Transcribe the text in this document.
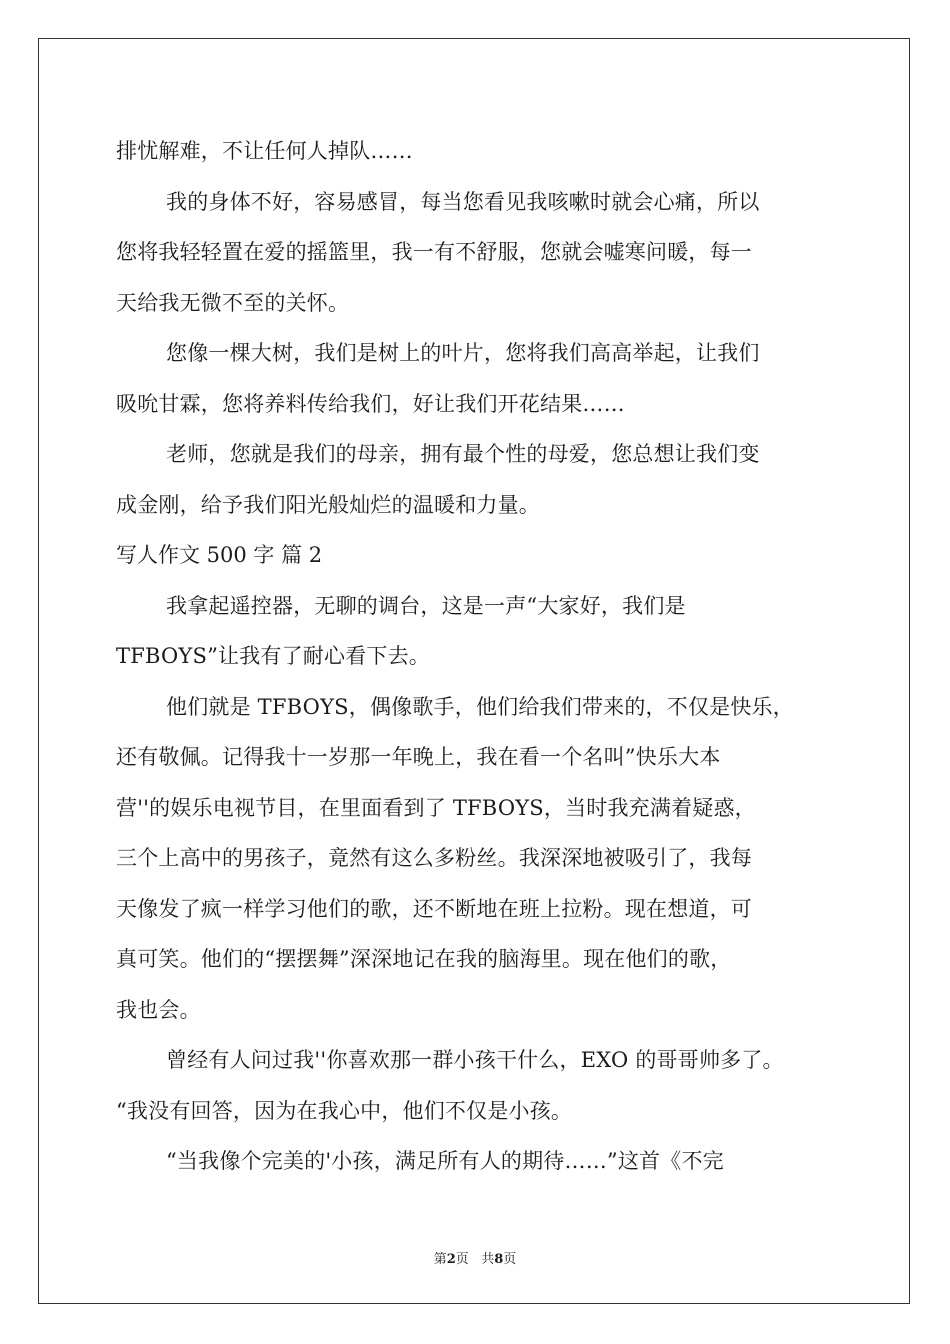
排忧解难，不让任何人掉队……
我的身体不好，容易感冒，每当您看见我咳嗽时就会心痛，所以
您将我轻轻置在爱的摇篮里，我一有不舒服，您就会嘘寒问暖，每一
天给我无微不至的关怀。
您像一棵大树，我们是树上的叶片，您将我们高高举起，让我们
吸吮甘霖，您将养料传给我们，好让我们开花结果……
老师，您就是我们的母亲，拥有最个性的母爱，您总想让我们变
成金刚，给予我们阳光般灿烂的温暖和力量。
写人作文 500 字 篇 2
我拿起遥控器，无聊的调台，这是一声“大家好，我们是
TFBOYS”让我有了耐心看下去。
他们就是 TFBOYS，偶像歌手，他们给我们带来的，不仅是快乐，
还有敬佩。记得我十一岁那一年晚上，我在看一个名叫”快乐大本
营''的娱乐电视节目，在里面看到了 TFBOYS，当时我充满着疑惑，
三个上高中的男孩子，竟然有这么多粉丝。我深深地被吸引了，我每
天像发了疯一样学习他们的歌，还不断地在班上拉粉。现在想道，可
真可笑。他们的“摆摆舞”深深地记在我的脑海里。现在他们的歌，
我也会。
曾经有人问过我''你喜欢那一群小孩干什么，EXO 的哥哥帅多了。
“我没有回答，因为在我心中，他们不仅是小孩。
“当我像个完美的'小孩，满足所有人的期待……”这首《不完
第2页   共8页
